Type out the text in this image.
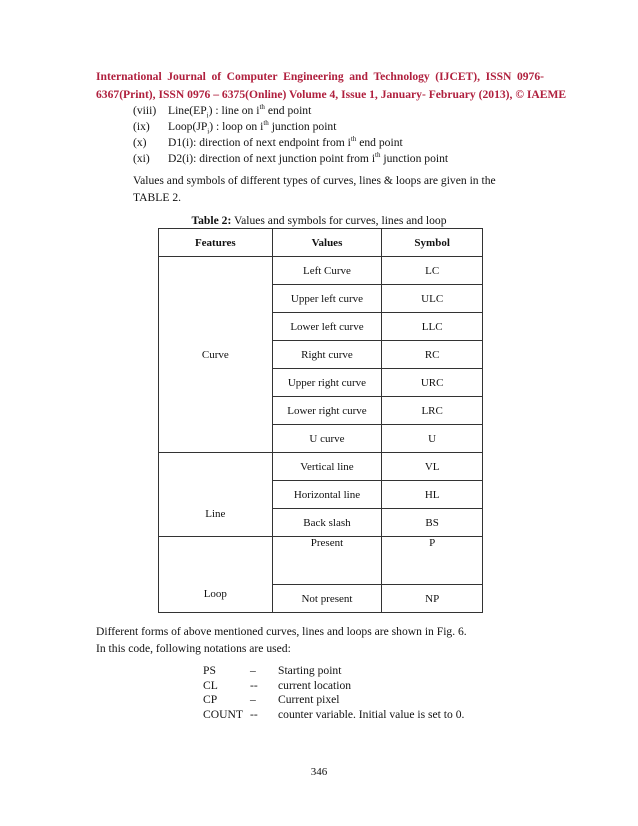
International Journal of Computer Engineering and Technology (IJCET), ISSN 0976-
6367(Print), ISSN 0976 – 6375(Online) Volume 4, Issue 1, January- February (2013), © IAEME
(viii) $Line(EP_i)$ : line on $i^{th}$ end point
(ix) $Loop(JP_i)$ : loop on $i^{th}$ junction point
(x) D1(i): direction of next endpoint from $i^{th}$ end point
(xi) D2(i): direction of next junction point from $i^{th}$ junction point
Values and symbols of different types of curves, lines & loops are given in the TABLE 2.
Table 2: Values and symbols for curves, lines and loop
Features	Values	Symbol
Curve	Left Curve	LC
	Upper left curve	ULC
	Lower left curve	LLC
	Right curve	RC
	Upper right curve	URC
	Lower right curve	LRC
	U curve	U

Line	Vertical line	VL
	Horizontal line	HL
	Back slash	BS

Loop	Present	P
	Not present	NP
Different forms of above mentioned curves, lines and loops are shown in Fig. 6.
In this code, following notations are used:
PS	– Starting point
CL	-- current location
CP	– Current pixel
COUNT -- counter variable. Initial value is set to 0.
346
